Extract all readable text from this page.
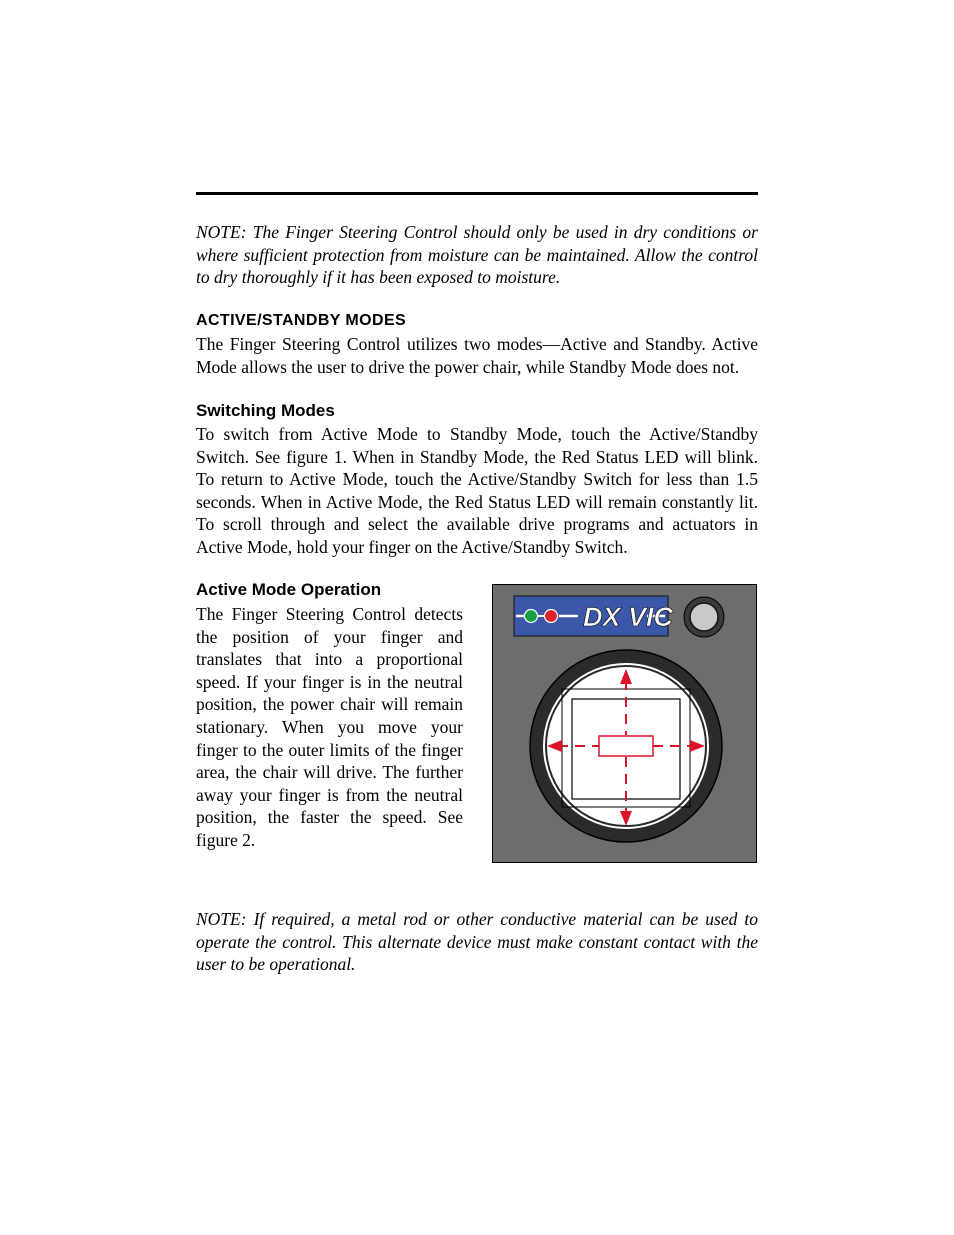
NOTE: The Finger Steering Control should only be used in dry conditions or where sufficient protection from moisture can be maintained. Allow the control to dry thoroughly if it has been exposed to moisture.
ACTIVE/STANDBY MODES
The Finger Steering Control utilizes two modes—Active and Standby. Active Mode allows the user to drive the power chair, while Standby Mode does not.
Switching Modes
To switch from Active Mode to Standby Mode, touch the Active/Standby Switch. See figure 1. When in Standby Mode, the Red Status LED will blink. To return to Active Mode, touch the Active/Standby Switch for less than 1.5 seconds. When in Active Mode, the Red Status LED will remain constantly lit. To scroll through and select the available drive programs and actuators in Active Mode, hold your finger on the Active/Standby Switch.
Active Mode Operation
The Finger Steering Control detects the position of your finger and translates that into a proportional speed. If your finger is in the neutral position, the power chair will remain stationary. When you move your finger to the outer limits of the finger area, the chair will drive. The further away your finger is from the neutral position, the faster the speed. See figure 2.
DX VIC
NOTE: If required, a metal rod or other conductive material can be used to operate the control. This alternate device must make constant contact with the user to be operational.
